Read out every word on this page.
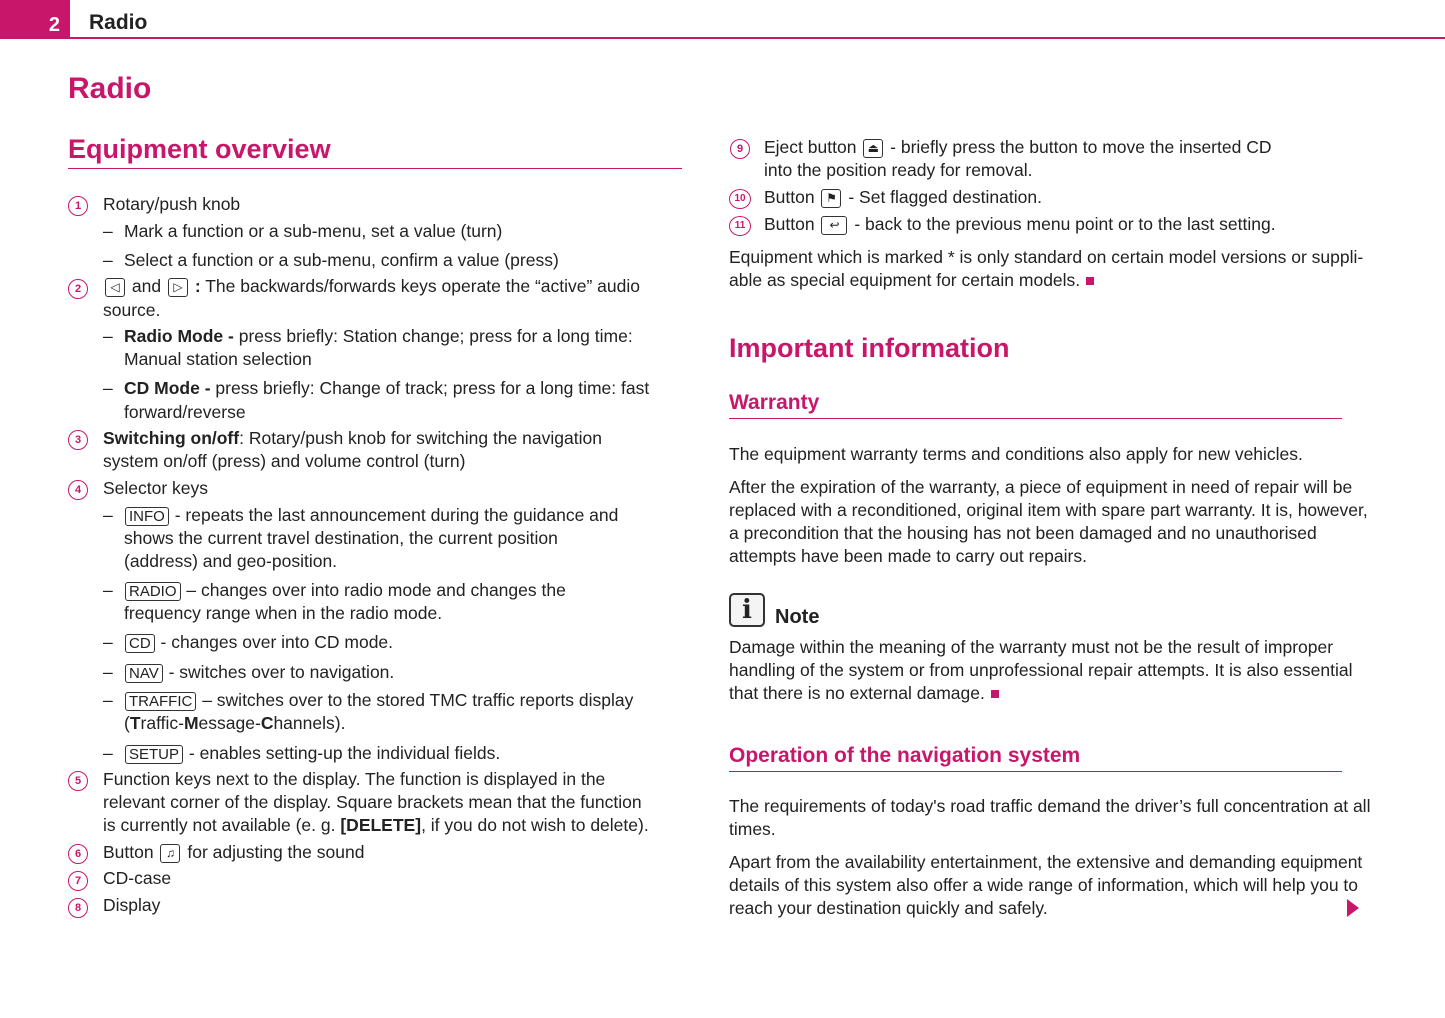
2	Radio
Radio
Equipment overview
1	Rotary/push knob
– Mark a function or a sub-menu, set a value (turn)
– Select a function or a sub-menu, confirm a value (press)
2	◁ and ▷ : The backwards/forwards keys operate the “active” audio
source.
– Radio Mode - press briefly: Station change; press for a long time:
Manual station selection
– CD Mode - press briefly: Change of track; press for a long time: fast
forward/reverse
3	Switching on/off: Rotary/push knob for switching the navigation
system on/off (press) and volume control (turn)
4	Selector keys
–	INFO - repeats the last announcement during the guidance and
shows the current travel destination, the current position
(address) and geo-position.
–	RADIO – changes over into radio mode and changes the
frequency range when in the radio mode.
–	CD - changes over into CD mode.
–	NAV - switches over to navigation.
–	TRAFFIC – switches over to the stored TMC traffic reports display
(Traffic-Message-Channels).
–	SETUP - enables setting-up the individual fields.
5	Function keys next to the display. The function is displayed in the
relevant corner of the display. Square brackets mean that the function
is currently not available (e. g. [DELETE], if you do not wish to delete).
6	Button ♫ for adjusting the sound
7	CD-case
8	Display
9	Eject button ⏏ - briefly press the button to move the inserted CD
into the position ready for removal.
10	Button ⚑ - Set flagged destination.
11	Button ↩ - back to the previous menu point or to the last setting.
Equipment which is marked * is only standard on certain model versions or suppli-
able as special equipment for certain models.
Important information
Warranty
The equipment warranty terms and conditions also apply for new vehicles.
After the expiration of the warranty, a piece of equipment in need of repair will be
replaced with a reconditioned, original item with spare part warranty. It is, however,
a precondition that the housing has not been damaged and no unauthorised
attempts have been made to carry out repairs.
i	Note
Damage within the meaning of the warranty must not be the result of improper
handling of the system or from unprofessional repair attempts. It is also essential
that there is no external damage.
Operation of the navigation system
The requirements of today's road traffic demand the driver’s full concentration at all
times.
Apart from the availability entertainment, the extensive and demanding equipment
details of this system also offer a wide range of information, which will help you to
reach your destination quickly and safely.
